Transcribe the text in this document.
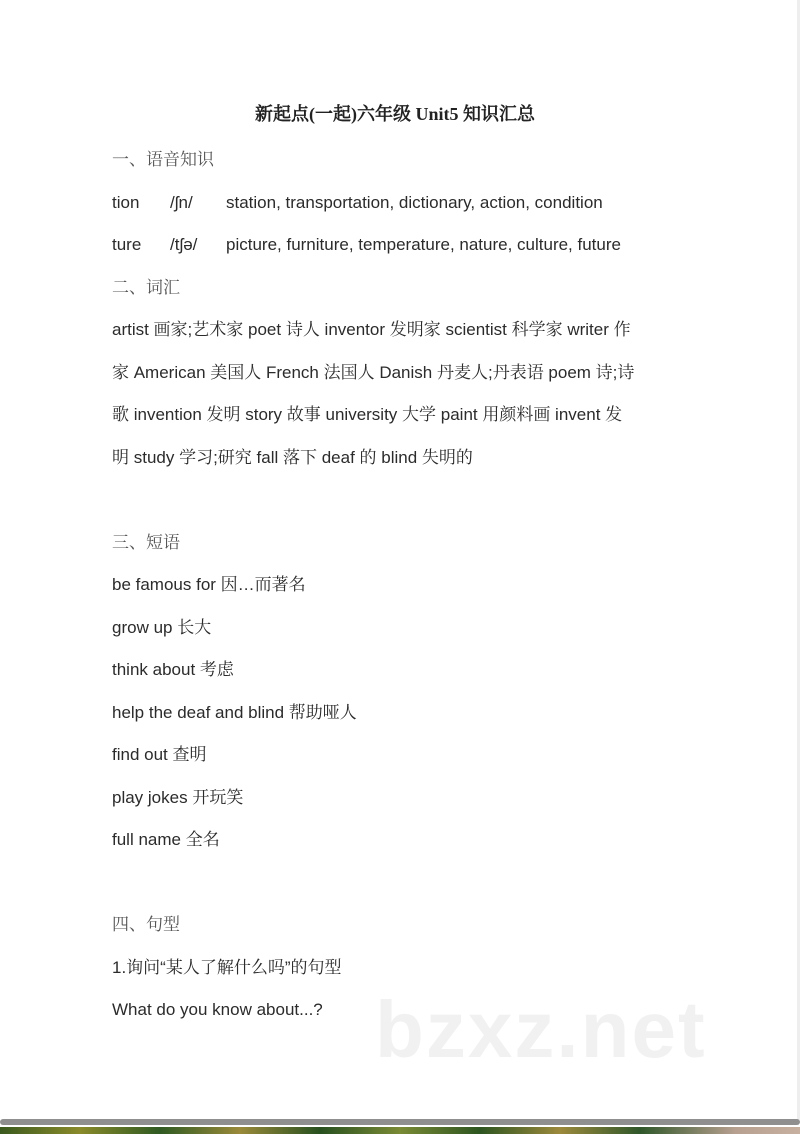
新起点(一起)六年级 Unit5 知识汇总
一、语音知识
tion /ʃn/ station, transportation, dictionary, action, condition
ture /tʃə/ picture, furniture, temperature, nature, culture, future
二、词汇
artist 画家;艺术家 poet 诗人 inventor 发明家 scientist 科学家 writer 作
家 American 美国人 French 法国人 Danish 丹麦人;丹表语 poem 诗;诗
歌 invention 发明 story 故事 university 大学 paint 用颜料画 invent 发
明 study 学习;研究 fall 落下 deaf 的 blind 失明的
三、短语
be famous for 因…而著名
grow up 长大
think about 考虑
help the deaf and blind 帮助哑人
find out 查明
play jokes 开玩笑
full name 全名
四、句型
1.询问“某人了解什么吗”的句型
What do you know about...? bzxz.net
